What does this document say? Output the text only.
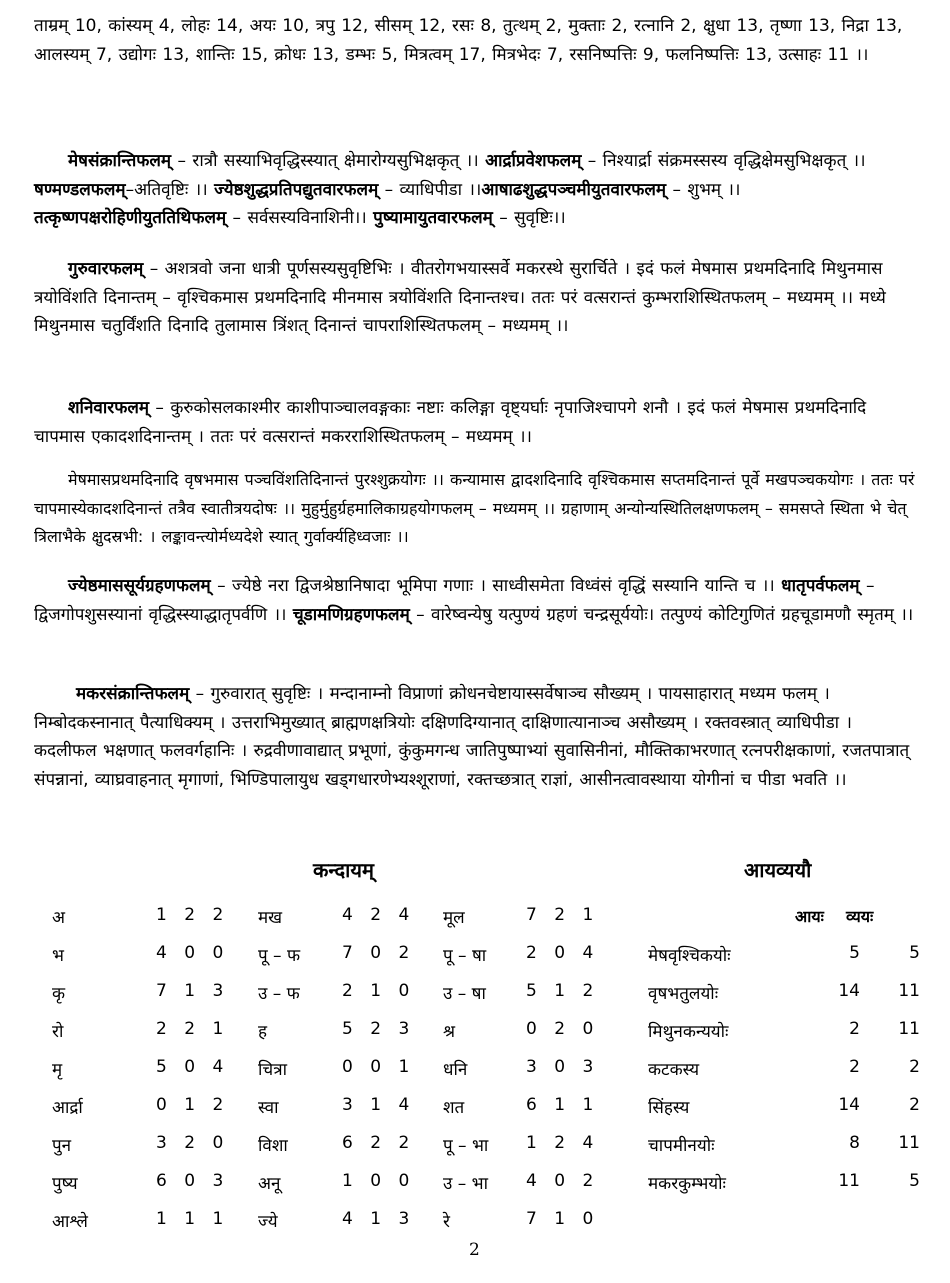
ताम्रम् 10, कांस्यम् 4, लोहः 14, अयः 10, त्रपु 12, सीसम् 12, रसः 8, तुत्थम् 2, मुक्ताः 2, रत्नानि 2, क्षुधा 13, तृष्णा 13, निद्रा 13, आलस्यम् 7, उद्योगः 13, शान्तिः 15, क्रोधः 13, डम्भः 5, मित्रत्वम् 17, मित्रभेदः 7, रसनिष्पत्तिः 9, फलनिष्पत्तिः 13, उत्साहः 11 ।।

मेषसंक्रान्तिफलम् – रात्रौ सस्याभिवृद्धिस्स्यात् क्षेमारोग्यसुभिक्षकृत् ।। आर्द्राप्रवेशफलम् – निश्यार्द्रा संक्रमस्सस्य वृद्धिक्षेमसुभिक्षकृत् ।।षण्मण्डलफलम्–अतिवृष्टिः ।। ज्येष्ठशुद्धप्रतिपद्युतवारफलम् – व्याधिपीडा ।।आषाढशुद्धपञ्चमीयुतवारफलम् – शुभम् ।। तत्कृष्णपक्षरोहिणीयुततिथिफलम् – सर्वसस्यविनाशिनी।। पुष्यामायुतवारफलम् – सुवृष्टिः।।

गुरुवारफलम् – अशत्रवो जना धात्री पूर्णसस्यसुवृष्टिभिः । वीतरोगभयास्सर्वे मकरस्थे सुरार्चिते । इदं फलं मेषमास प्रथमदिनादि मिथुनमास त्रयोविंशति दिनान्तम् – वृश्चिकमास प्रथमदिनादि मीनमास त्रयोविंशति दिनान्तश्च। ततः परं वत्सरान्तं कुम्भराशिस्थितफलम् – मध्यमम् ।। मध्ये मिथुनमास चतुर्विंशति दिनादि तुलामास त्रिंशत् दिनान्तं चापराशिस्थितफलम् – मध्यमम् ।।

शनिवारफलम् – कुरुकोसलकाश्मीर काशीपाञ्चालवङ्गकाः नष्टाः कलिङ्गा वृष्ट्यर्घाः नृपाजिश्चापगे शनौ । इदं फलं मेषमास प्रथमदिनादि चापमास एकादशदिनान्तम् । ततः परं वत्सरान्तं मकरराशिस्थितफलम् – मध्यमम् ।।

मेषमासप्रथमदिनादि वृषभमास पञ्चविंशतिदिनान्तं पुरश्शुक्रयोगः ।। कन्यामास द्वादशदिनादि वृश्चिकमास सप्तमदिनान्तं पूर्वे मखपञ्चकयोगः । ततः परं चापमास्येकादशदिनान्तं तत्रैव स्वातीत्रयदोषः ।। मुहुर्मुहुर्ग्रहमालिकाग्रहयोगफलम् – मध्यमम् ।। ग्रहाणाम् अन्योन्यस्थितिलक्षणफलम् – समसप्ते स्थिता भे चेत् त्रिलाभैके क्षुदस्रभी: । लङ्कावन्त्योर्मध्यदेशे स्यात् गुर्वार्क्यहिध्वजाः ।।

ज्येष्ठमाससूर्यग्रहणफलम् – ज्येष्ठे नरा द्विजश्रेष्ठानिषादा भूमिपा गणाः । साध्वीसमेता विध्वंसं वृद्धिं सस्यानि यान्ति च ।। धातृपर्वफलम् – द्विजगोपशुसस्यानां वृद्धिस्स्याद्धातृपर्वणि ।। चूडामणिग्रहणफलम् – वारेष्वन्येषु यत्पुण्यं ग्रहणं चन्द्रसूर्ययोः। तत्पुण्यं कोटिगुणितं ग्रहचूडामणौ स्मृतम् ।।

मकरसंक्रान्तिफलम् – गुरुवारात् सुवृष्टिः । मन्दानाम्नो विप्राणां क्रोधनचेष्टायास्सर्वेषाञ्च सौख्यम् । पायसाहारात् मध्यम फलम् । निम्बोदकस्नानात् पैत्याधिक्यम् । उत्तराभिमुख्यात् ब्राह्मणक्षत्रियोः दक्षिणदिग्यानात् दाक्षिणात्यानाञ्च असौख्यम् । रक्तवस्त्रात् व्याधिपीडा । कदलीफल भक्षणात् फलवर्गहानिः । रुद्रवीणावाद्यात् प्रभूणां, कुंकुमगन्ध जातिपुष्पाभ्यां सुवासिनीनां, मौक्तिकाभरणात् रत्नपरीक्षकाणां, रजतपात्रात् संपन्नानां, व्याघ्रवाहनात् मृगाणां, भिण्डिपालायुध खड्गधारणेभ्यश्शूराणां, रक्तच्छत्रात् राज्ञां, आसीनत्वावस्थाया योगीनां च पीडा भवति ।।

कन्दायम्
अ	1 2 2 मख	4 2 4 मूल	7 2 1
भ	4 0 0 पू – फ 7 0 2 पू – षा 2 0 4
कृ	7 1 3 उ – फ 2 1 0 उ – षा 5 1 2
रो	2 2 1 ह	5 2 3 श्र	0 2 0
मृ	5 0 4 चित्रा	0 0 1 धनि	3 0 3
आर्द्रा	0 1 2 स्वा	3 1 4 शत	6 1 1
पुन	3 2 0 विशा	6 2 2 पू – भा 1 2 4
पुष्य	6 0 3 अनू	1 0 0 उ – भा 4 0 2
आश्ले	1 1 1 ज्ये	4 1 3 रे	7 1 0
आयव्ययौ
आयः व्ययः
मेषवृश्चिकयोः	5	5
वृषभतुलयोः	14 11
मिथुनकन्ययोः	2 11
कटकस्य	2	2
सिंहस्य	14	2
चापमीनयोः	8 11
मकरकुम्भयोः	11	5
2
